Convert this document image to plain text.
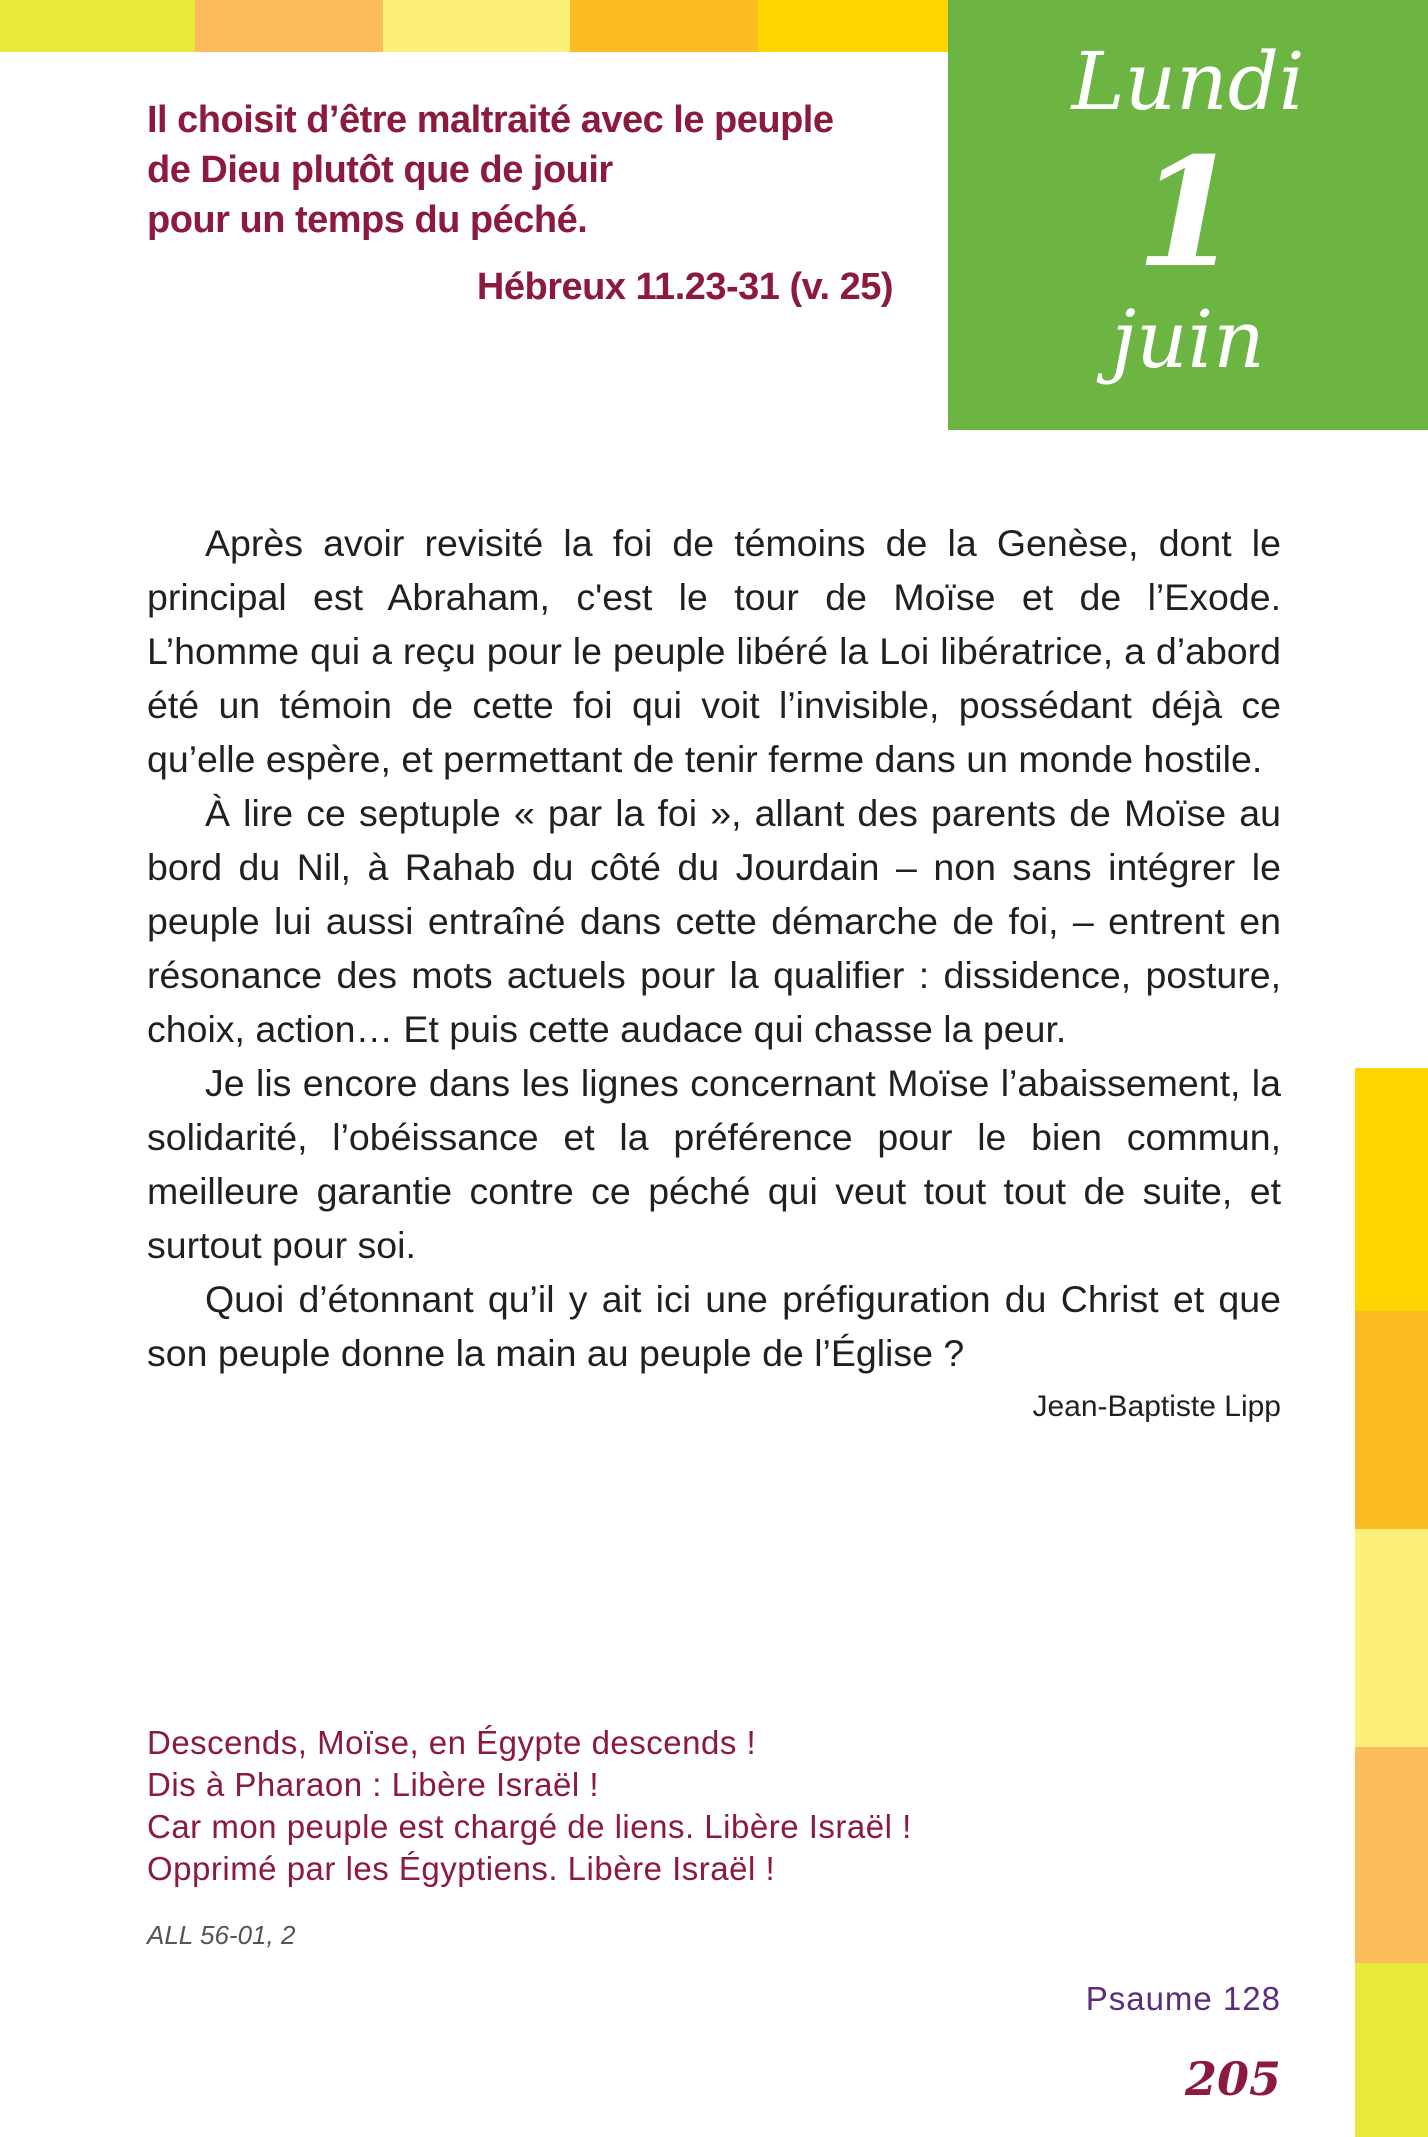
Lundi
1
juin
Il choisit d’être maltraité avec le peuple
de Dieu plutôt que de jouir
pour un temps du péché.
Hébreux 11.23-31 (v. 25)

Après avoir revisité la foi de témoins de la Genèse, dont le principal est Abraham, c'est le tour de Moïse et de l’Exode. L’homme qui a reçu pour le peuple libéré la Loi libératrice, a d’abord été un témoin de cette foi qui voit l’invisible, possédant déjà ce qu’elle espère, et permettant de tenir ferme dans un monde hostile.

À lire ce septuple « par la foi », allant des parents de Moïse au bord du Nil, à Rahab du côté du Jourdain – non sans intégrer le peuple lui aussi entraîné dans cette démarche de foi, – entrent en résonance des mots actuels pour la qualifier : dissidence, posture, choix, action… Et puis cette audace qui chasse la peur.

Je lis encore dans les lignes concernant Moïse l’abaissement, la solidarité, l’obéissance et la préférence pour le bien commun, meilleure garantie contre ce péché qui veut tout tout de suite, et surtout pour soi.

Quoi d’étonnant qu’il y ait ici une préfiguration du Christ et que son peuple donne la main au peuple de l’Église ?

Jean-Baptiste Lipp
Descends, Moïse, en Égypte descends !
Dis à Pharaon : Libère Israël !
Car mon peuple est chargé de liens. Libère Israël !
Opprimé par les Égyptiens. Libère Israël !
ALL 56-01, 2
Psaume 128
205
